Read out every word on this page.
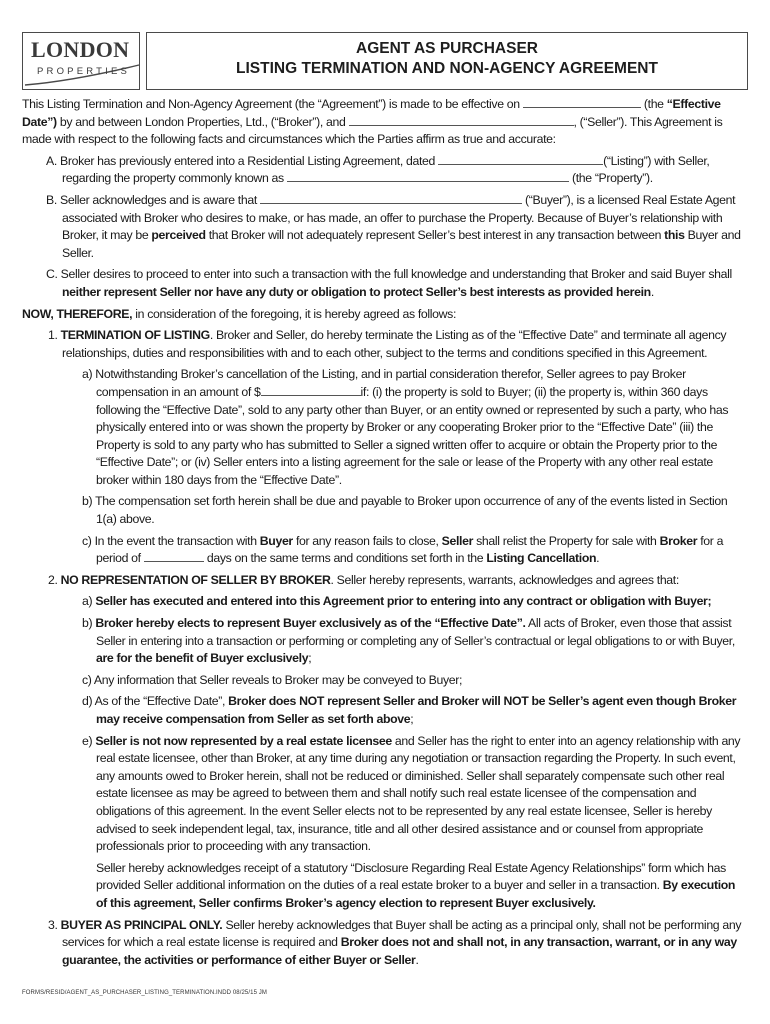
LONDON
PROPERTIES
AGENT AS PURCHASER
LISTING TERMINATION AND NON-AGENCY AGREEMENT

This Listing Termination and Non-Agency Agreement (the “Agreement”) is made to be effective on	(the “Effective Date”) by and between London Properties, Ltd., (“Broker”), and	, (“Seller”). This Agreement is made with respect to the following facts and circumstances which the Parties affirm as true and accurate:

A. Broker has previously entered into a Residential Listing Agreement, dated	(“Listing”) with Seller, regarding the property commonly known as	(the “Property”).

B. Seller acknowledges and is aware that	(“Buyer”), is a licensed Real Estate Agent associated with Broker who desires to make, or has made, an offer to purchase the Property. Because of Buyer’s relationship with Broker, it may be perceived that Broker will not adequately represent Seller’s best interest in any transaction between this Buyer and Seller.

C. Seller desires to proceed to enter into such a transaction with the full knowledge and understanding that Broker and said Buyer shall neither represent Seller nor have any duty or obligation to protect Seller’s best interests as provided herein.

NOW, THEREFORE, in consideration of the foregoing, it is hereby agreed as follows:

1. TERMINATION OF LISTING. Broker and Seller, do hereby terminate the Listing as of the “Effective Date” and terminate all agency relationships, duties and responsibilities with and to each other, subject to the terms and conditions specified in this Agreement.

a) Notwithstanding Broker’s cancellation of the Listing, and in partial consideration therefor, Seller agrees to pay Broker compensation in an amount of $	if: (i) the property is sold to Buyer; (ii) the property is, within 360 days following the “Effective Date”, sold to any party other than Buyer, or an entity owned or represented by such a party, who has physically entered into or was shown the property by Broker or any cooperating Broker prior to the “Effective Date” (iii) the Property is sold to any party who has submitted to Seller a signed written offer to acquire or obtain the Property prior to the “Effective Date”; or (iv) Seller enters into a listing agreement for the sale or lease of the Property with any other real estate broker within 180 days from the “Effective Date”.

b) The compensation set forth herein shall be due and payable to Broker upon occurrence of any of the events listed in Section 1(a) above.

c) In the event the transaction with Buyer for any reason fails to close, Seller shall relist the Property for sale with Broker for a period of	days on the same terms and conditions set forth in the Listing Cancellation.

2. NO REPRESENTATION OF SELLER BY BROKER. Seller hereby represents, warrants, acknowledges and agrees that:

a) Seller has executed and entered into this Agreement prior to entering into any contract or obligation with Buyer;

b) Broker hereby elects to represent Buyer exclusively as of the “Effective Date”. All acts of Broker, even those that assist Seller in entering into a transaction or performing or completing any of Seller’s contractual or legal obligations to or with Buyer, are for the benefit of Buyer exclusively;

c) Any information that Seller reveals to Broker may be conveyed to Buyer;

d) As of the “Effective Date”, Broker does NOT represent Seller and Broker will NOT be Seller’s agent even though Broker may receive compensation from Seller as set forth above;

e) Seller is not now represented by a real estate licensee and Seller has the right to enter into an agency relationship with any real estate licensee, other than Broker, at any time during any negotiation or transaction regarding the Property. In such event, any amounts owed to Broker herein, shall not be reduced or diminished. Seller shall separately compensate such other real estate licensee as may be agreed to between them and shall notify such real estate licensee of the compensation and obligations of this agreement. In the event Seller elects not to be represented by any real estate licensee, Seller is hereby advised to seek independent legal, tax, insurance, title and all other desired assistance and or counsel from appropriate professionals prior to proceeding with any transaction.

Seller hereby acknowledges receipt of a statutory “Disclosure Regarding Real Estate Agency Relationships” form which has provided Seller additional information on the duties of a real estate broker to a buyer and seller in a transaction. By execution of this agreement, Seller confirms Broker’s agency election to represent Buyer exclusively.

3. BUYER AS PRINCIPAL ONLY. Seller hereby acknowledges that Buyer shall be acting as a principal only, shall not be performing any services for which a real estate license is required and Broker does not and shall not, in any transaction, warrant, or in any way guarantee, the activities or performance of either Buyer or Seller.

FORMS/RESID/AGENT_AS_PURCHASER_LISTING_TERMINATION.INDD 08/25/15 JM
